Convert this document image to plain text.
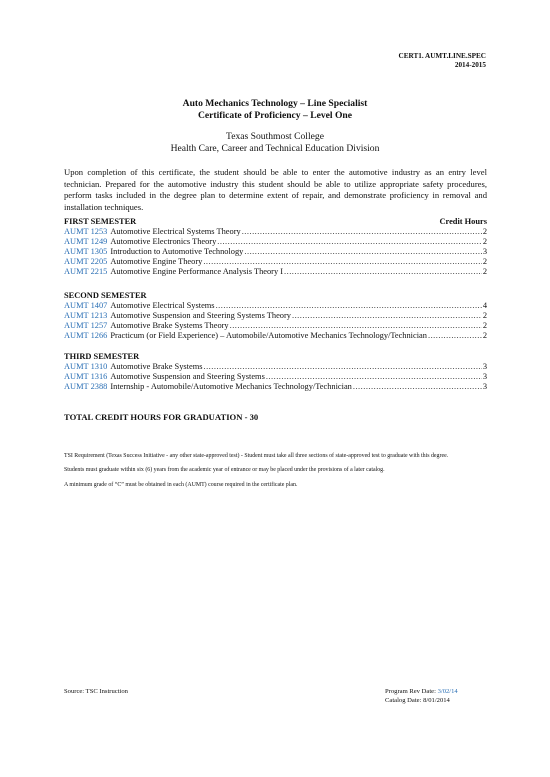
CERT1. AUMT.LINE.SPEC
2014-2015
Auto Mechanics Technology – Line Specialist
Certificate of Proficiency – Level One
Texas Southmost College
Health Care, Career and Technical Education Division
Upon completion of this certificate, the student should be able to enter the automotive industry as an entry level technician. Prepared for the automotive industry this student should be able to utilize appropriate safety procedures, perform tasks included in the degree plan to determine extent of repair, and demonstrate proficiency in removal and installation techniques.
FIRST SEMESTER	Credit Hours
AUMT 1253 Automotive Electrical Systems Theory .....	2
AUMT 1249 Automotive Electronics Theory .....	2
AUMT 1305 Introduction to Automotive Technology .....	3
AUMT 2205 Automotive Engine Theory .....	2
AUMT 2215 Automotive Engine Performance Analysis Theory I .....	2
SECOND SEMESTER
AUMT 1407 Automotive Electrical Systems .....	4
AUMT 1213 Automotive Suspension and Steering Systems Theory .....	2
AUMT 1257 Automotive Brake Systems Theory .....	2
AUMT 1266 Practicum (or Field Experience) – Automobile/Automotive Mechanics Technology/Technician .....	2
THIRD SEMESTER
AUMT 1310 Automotive Brake Systems .....	3
AUMT 1316 Automotive Suspension and Steering Systems .....	3
AUMT 2388 Internship - Automobile/Automotive Mechanics Technology/Technician .....	3
TOTAL CREDIT HOURS FOR GRADUATION - 30

TSI Requirement (Texas Success Initiative - any other state-approved test) - Student must take all three sections of state-approved test to graduate with this degree.

Students must graduate within six (6) years from the academic year of entrance or may be placed under the provisions of a later catalog.

A minimum grade of “C” must be obtained in each (AUMT) course required in the certificate plan.

Source: TSC Instruction	Program Rev Date: 3/02/14
Catalog Date: 8/01/2014
